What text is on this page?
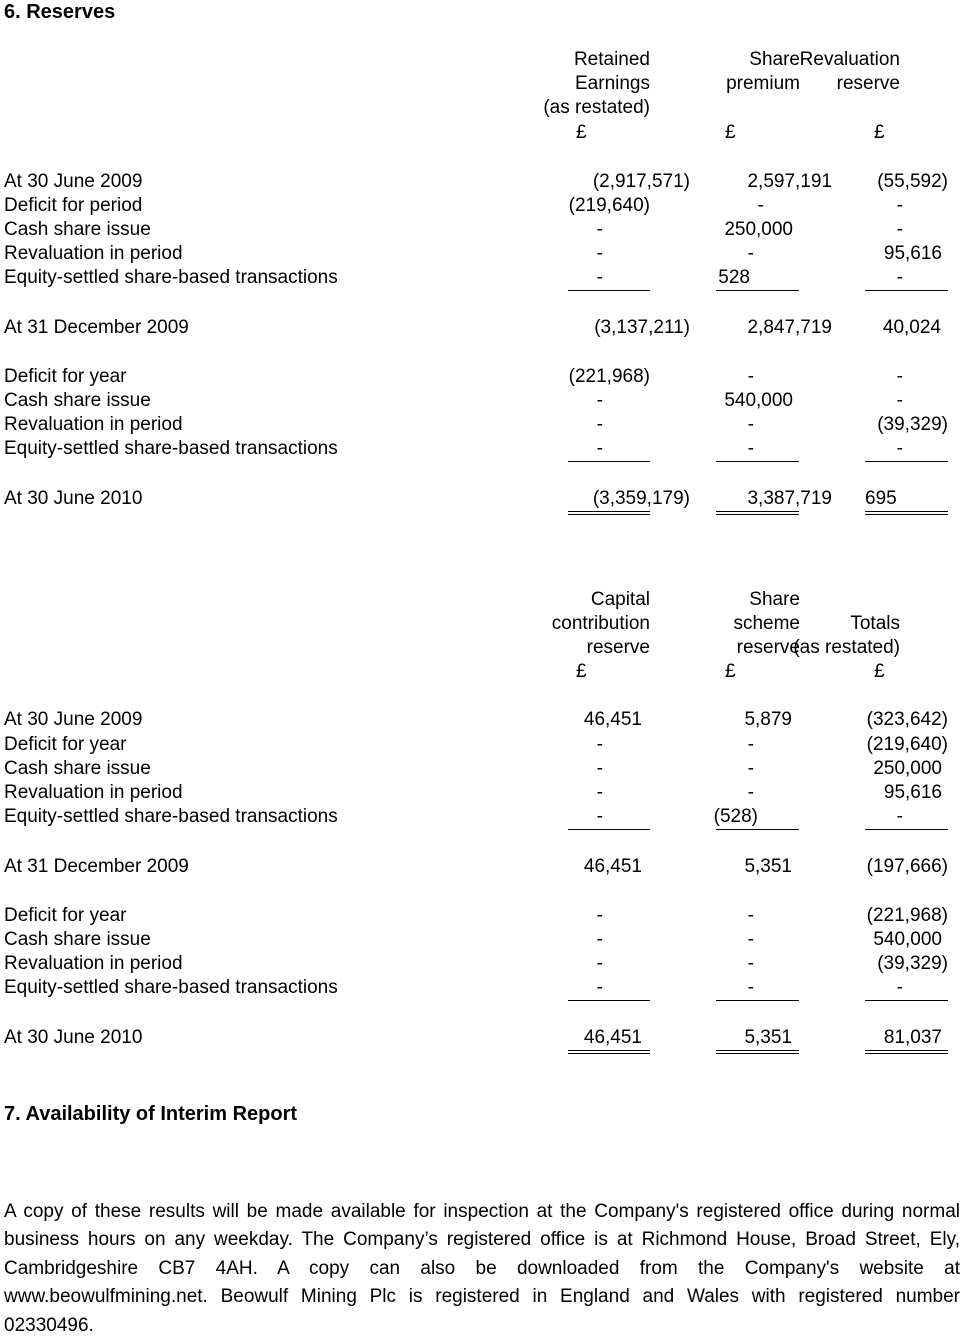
6. Reserves
Retained
Earnings
(as restated)
£
Share
premium
£
Revaluation
reserve
£
At 30 June 2009	(2,917,571)	2,597,191 (55,592)
Deficit for period	(219,640)	-	-
Cash share issue	-	250,000	-
Revaluation in period	-	-	95,616
Equity-settled share-based transactions	-	528	-
At 31 December 2009	(3,137,211)	2,847,719	40,024
Deficit for year	(221,968)	-	-
Cash share issue	-	540,000	-
Revaluation in period	-	-	(39,329)
Equity-settled share-based transactions	-	-	-
At 30 June 2010	(3,359,179)	3,387,719 695
Capital
contribution
reserve
£
Share
scheme
reserve
£
Totals
(as restated)
£
At 30 June 2009	46,451	5,879	(323,642)
Deficit for year	-	-	(219,640)
Cash share issue	-	-	250,000
Revaluation in period	-	-	95,616
Equity-settled share-based transactions	-	(528)	-
At 31 December 2009	46,451	5,351	(197,666)
Deficit for year	-	-	(221,968)
Cash share issue	-	-	540,000
Revaluation in period	-	-	(39,329)
Equity-settled share-based transactions	-	-	-
At 30 June 2010	46,451	5,351	81,037
7. Availability of Interim Report
A copy of these results will be made available for inspection at the Company's registered office during normal business hours on any weekday. The Company’s registered office is at Richmond House, Broad Street, Ely, Cambridgeshire CB7 4AH. A copy can also be downloaded from the Company's website at www.beowulfmining.net. Beowulf Mining Plc is registered in England and Wales with registered number 02330496.
